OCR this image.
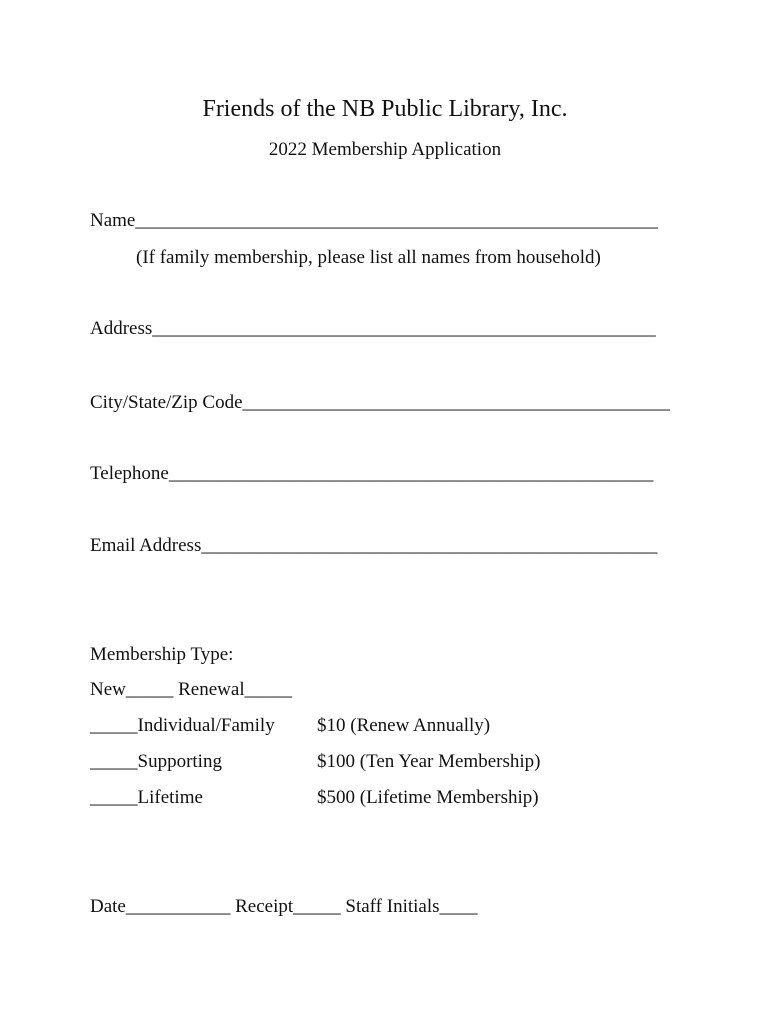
Friends of the NB Public Library, Inc.
2022 Membership Application
Name_______________________________________________________
(If family membership, please list all names from household)
Address_____________________________________________________
City/State/Zip Code_____________________________________________
Telephone___________________________________________________
Email Address________________________________________________
Membership Type:
New_____ Renewal_____
_____Individual/Family $10 (Renew Annually)
_____Supporting	$100 (Ten Year Membership)
_____Lifetime	$500 (Lifetime Membership)
Date___________ Receipt_____ Staff Initials____
